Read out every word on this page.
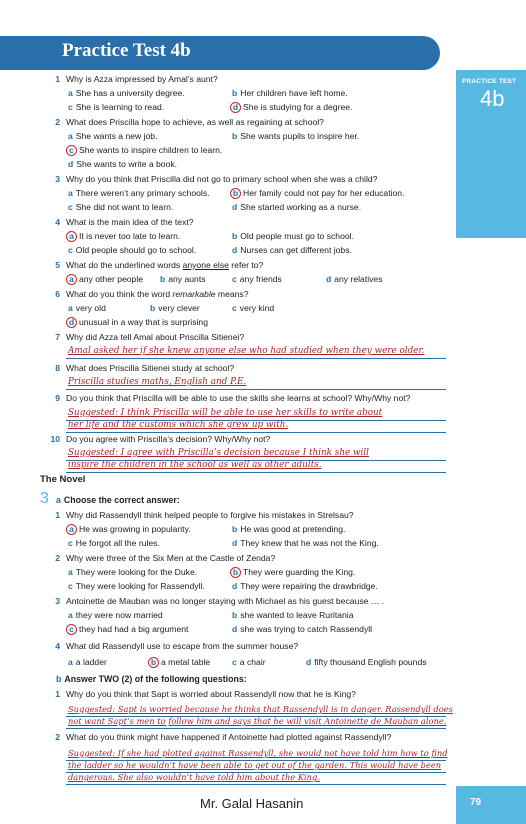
Practice Test 4b
PRACTICE TEST
4b
1 Why is Azza impressed by Amal’s aunt?
a She has a university degree.	b Her children have left home.
c She is learning to read.	d She is studying for a degree.
2 What does Priscilla hope to achieve, as well as regaining at school?
a She wants a new job.	b She wants pupils to inspire her.
c She wants to inspire children to learn.
d She wants to write a book.
3 Why do you think that Priscilla did not go to primary school when she was a child?
a There weren’t any primary schools.	b Her family could not pay for her education.
c She did not want to learn.	d She started working as a nurse.
4 What is the main idea of the text?
a It is never too late to learn.	b Old people must go to school.
c Old people should go to school.	d Nurses can get different jobs.
5 What do the underlined words anyone else refer to?
a any other people b any aunts	c any friends	d any relatives
6 What do you think the word remarkable means?
a very old	b very clever	c very kind
d unusual in a way that is surprising
7 Why did Azza tell Amal about Priscilla Sitienei?
Amal asked her if she knew anyone else who had studied when they were older.
8 What does Priscilla Sitienei study at school?
Priscilla studies maths, English and P.E.
9 Do you think that Priscilla will be able to use the skills she learns at school? Why/Why not?
Suggested: I think Priscilla will be able to use her skills to write about
her life and the customs which she grew up with.
10 Do you agree with Priscilla’s decision? Why/Why not?
Suggested: I agree with Priscilla’s decision because I think she will
inspire the children in the school as well as other adults.
The Novel
3 a Choose the correct answer:
1 Why did Rassendyll think helped people to forgive his mistakes in Strelsau?
a He was growing in popularity.	b He was good at pretending.
c He forgot all the rules.	d They knew that he was not the King.
2 Why were three of the Six Men at the Castle of Zenda?
a They were looking for the Duke.	b They were guarding the King.
c They were looking for Rassendyll.	d They were repairing the drawbridge.
3 Antoinette de Mauban was no longer staying with Michael as his guest because … .
a they were now married	b she wanted to leave Ruritania
c they had had a big argument	d she was trying to catch Rassendyll
4 What did Rassendyll use to escape from the summer house?
a a ladder	b a metal table	c a chair	d fifty thousand English pounds
b Answer TWO (2) of the following questions:
1 Why do you think that Sapt is worried about Rassendyll now that he is King?
Suggested: Sapt is worried because he thinks that Rassendyll is in danger. Rassendyll does
not want Sapt’s men to follow him and says that he will visit Antoinette de Mauban alone.
2 What do you think might have happened if Antoinette had plotted against Rassendyll?
Suggested: If she had plotted against Rassendyll, she would not have told him how to find
the ladder so he wouldn’t have been able to get out of the garden. This would have been
dangerous. She also wouldn’t have told him about the King.
Mr. Galal Hasanin	79
